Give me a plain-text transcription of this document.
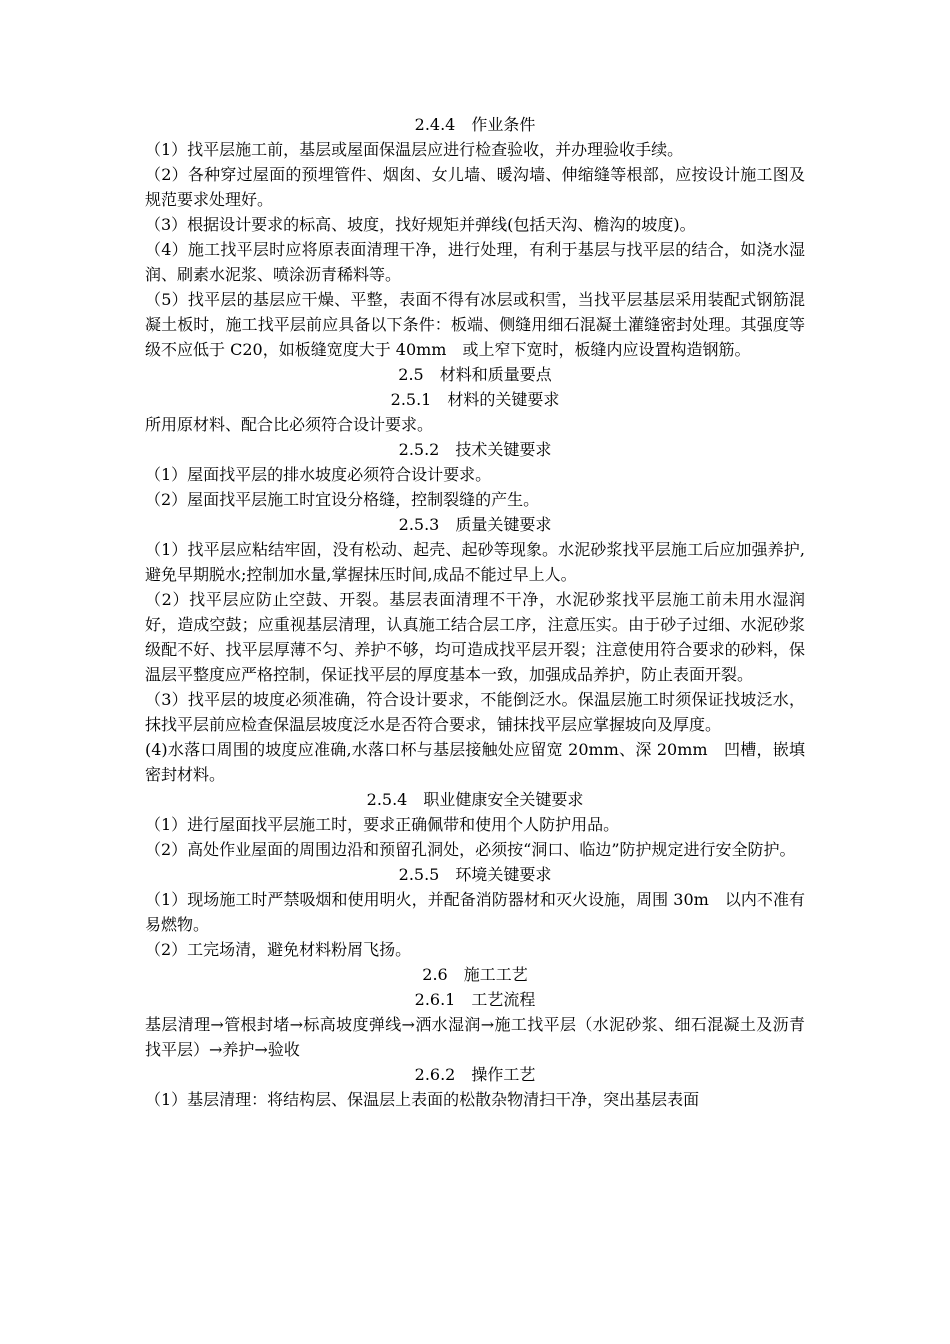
2.4.4　作业条件

（1）找平层施工前，基层或屋面保温层应进行检查验收，并办理验收手续。

（2）各种穿过屋面的预埋管件、烟囱、女儿墙、暖沟墙、伸缩缝等根部，应按设计施工图及规范要求处理好。

（3）根据设计要求的标高、坡度，找好规矩并弹线(包括天沟、檐沟的坡度)。

（4）施工找平层时应将原表面清理干净，进行处理，有利于基层与找平层的结合，如浇水湿润、刷素水泥浆、喷涂沥青稀料等。

（5）找平层的基层应干燥、平整，表面不得有冰层或积雪，当找平层基层采用装配式钢筋混凝土板时，施工找平层前应具备以下条件：板端、侧缝用细石混凝土灌缝密封处理。其强度等级不应低于 C20，如板缝宽度大于 40mm　或上窄下宽时，板缝内应设置构造钢筋。

2.5　材料和质量要点

2.5.1　材料的关键要求

所用原材料、配合比必须符合设计要求。

2.5.2　技术关键要求

（1）屋面找平层的排水坡度必须符合设计要求。

（2）屋面找平层施工时宜设分格缝，控制裂缝的产生。

2.5.3　质量关键要求

（1）找平层应粘结牢固，没有松动、起壳、起砂等现象。水泥砂浆找平层施工后应加强养护,避免早期脱水;控制加水量,掌握抹压时间,成品不能过早上人。

（2）找平层应防止空鼓、开裂。基层表面清理不干净，水泥砂浆找平层施工前未用水湿润好，造成空鼓；应重视基层清理，认真施工结合层工序，注意压实。由于砂子过细、水泥砂浆级配不好、找平层厚薄不匀、养护不够，均可造成找平层开裂；注意使用符合要求的砂料，保温层平整度应严格控制，保证找平层的厚度基本一致，加强成品养护，防止表面开裂。

（3）找平层的坡度必须准确，符合设计要求，不能倒泛水。保温层施工时须保证找坡泛水，抹找平层前应检查保温层坡度泛水是否符合要求，铺抹找平层应掌握坡向及厚度。

(4)水落口周围的坡度应准确,水落口杯与基层接触处应留宽 20mm、深 20mm　凹槽，嵌填密封材料。

2.5.4　职业健康安全关键要求

（1）进行屋面找平层施工时，要求正确佩带和使用个人防护用品。

（2）高处作业屋面的周围边沿和预留孔洞处，必须按“洞口、临边”防护规定进行安全防护。

2.5.5　环境关键要求

（1）现场施工时严禁吸烟和使用明火，并配备消防器材和灭火设施，周围 30m　以内不准有易燃物。

（2）工完场清，避免材料粉屑飞扬。

2.6　施工工艺

2.6.1　工艺流程

基层清理→管根封堵→标高坡度弹线→洒水湿润→施工找平层（水泥砂浆、细石混凝土及沥青找平层）→养护→验收

2.6.2　操作工艺

（1）基层清理：将结构层、保温层上表面的松散杂物清扫干净，突出基层表面
